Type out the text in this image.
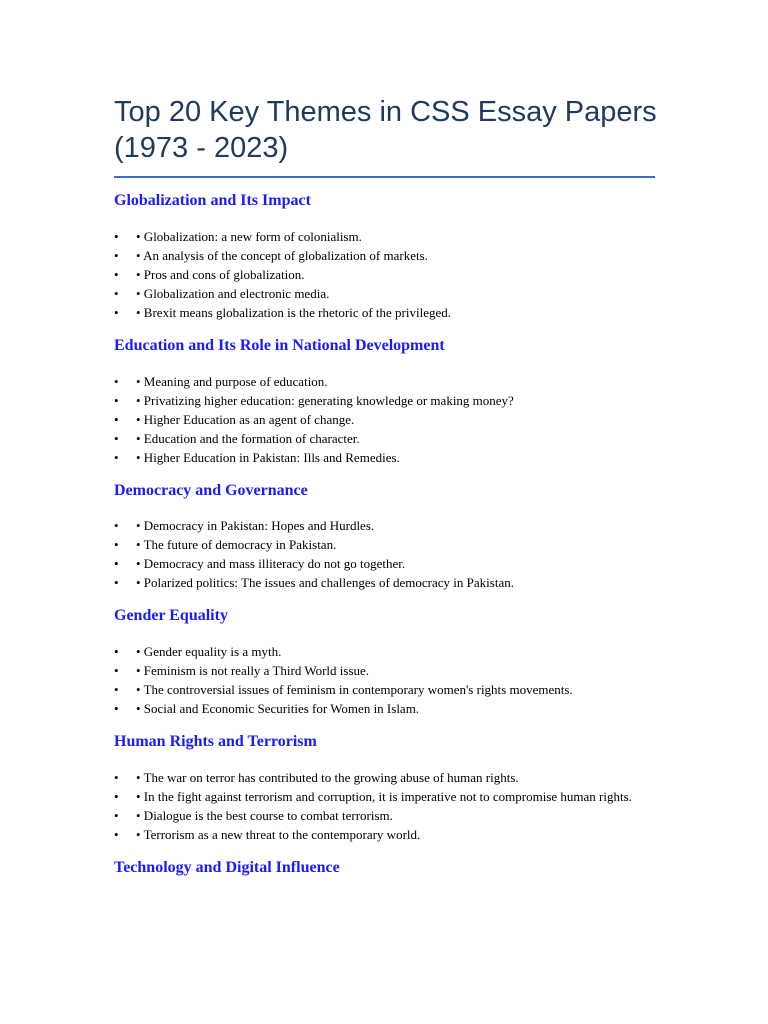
Top 20 Key Themes in CSS Essay Papers (1973 - 2023)
Globalization and Its Impact
• • Globalization: a new form of colonialism.
• • An analysis of the concept of globalization of markets.
• • Pros and cons of globalization.
• • Globalization and electronic media.
• • Brexit means globalization is the rhetoric of the privileged.
Education and Its Role in National Development
• • Meaning and purpose of education.
• • Privatizing higher education: generating knowledge or making money?
• • Higher Education as an agent of change.
• • Education and the formation of character.
• • Higher Education in Pakistan: Ills and Remedies.
Democracy and Governance
• • Democracy in Pakistan: Hopes and Hurdles.
• • The future of democracy in Pakistan.
• • Democracy and mass illiteracy do not go together.
• • Polarized politics: The issues and challenges of democracy in Pakistan.
Gender Equality
• • Gender equality is a myth.
• • Feminism is not really a Third World issue.
• • The controversial issues of feminism in contemporary women's rights movements.
• • Social and Economic Securities for Women in Islam.
Human Rights and Terrorism
• • The war on terror has contributed to the growing abuse of human rights.
• • In the fight against terrorism and corruption, it is imperative not to compromise human rights.
• • Dialogue is the best course to combat terrorism.
• • Terrorism as a new threat to the contemporary world.
Technology and Digital Influence
